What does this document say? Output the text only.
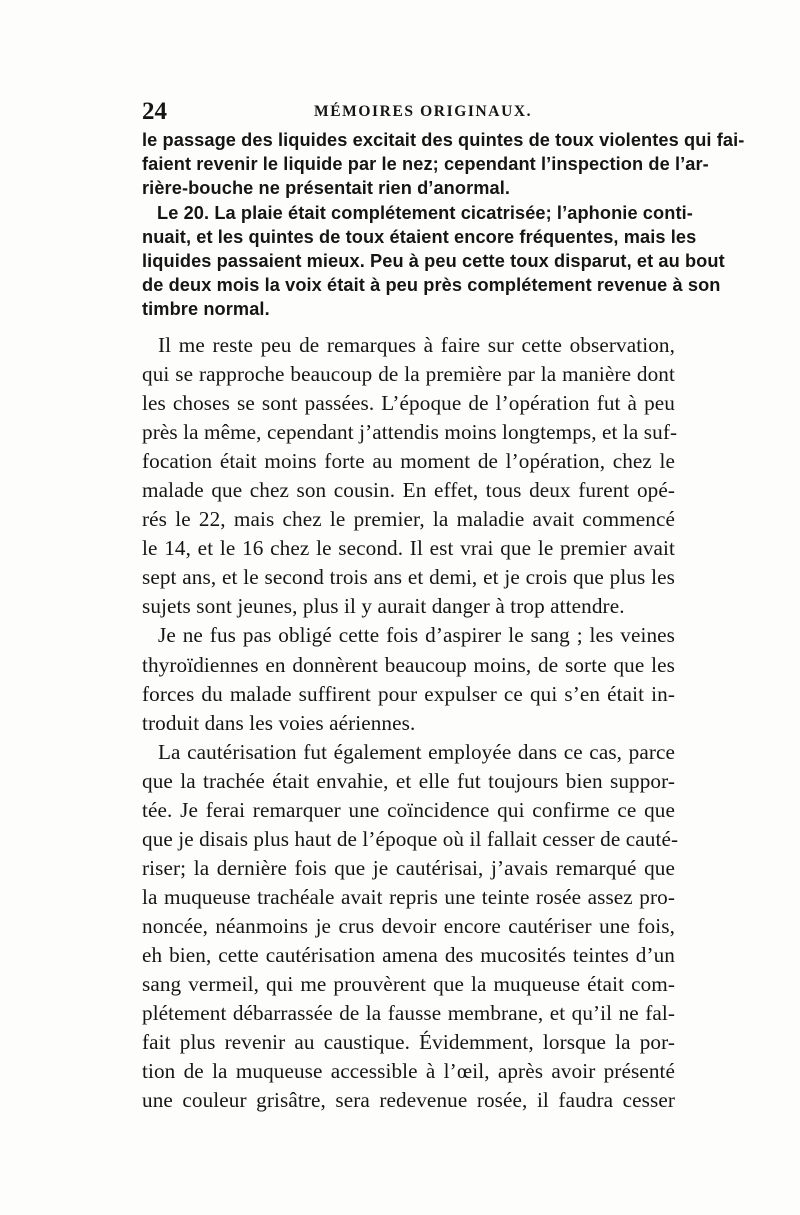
24	MÉMOIRES ORIGINAUX.
le passage des liquides excitait des quintes de toux violentes qui fai-
faient revenir le liquide par le nez; cependant l’inspection de l’ar-
rière-bouche ne présentait rien d’anormal.
Le 20. La plaie était complétement cicatrisée; l’aphonie conti-
nuait, et les quintes de toux étaient encore fréquentes, mais les
liquides passaient mieux. Peu à peu cette toux disparut, et au bout
de deux mois la voix était à peu près complétement revenue à son
timbre normal.
Il me reste peu de remarques à faire sur cette observation,
qui se rapproche beaucoup de la première par la manière dont
les choses se sont passées. L’époque de l’opération fut à peu
près la même, cependant j’attendis moins longtemps, et la suf-
focation était moins forte au moment de l’opération, chez le
malade que chez son cousin. En effet, tous deux furent opé-
rés le 22, mais chez le premier, la maladie avait commencé
le 14, et le 16 chez le second. Il est vrai que le premier avait
sept ans, et le second trois ans et demi, et je crois que plus les
sujets sont jeunes, plus il y aurait danger à trop attendre.
Je ne fus pas obligé cette fois d’aspirer le sang ; les veines
thyroïdiennes en donnèrent beaucoup moins, de sorte que les
forces du malade suffirent pour expulser ce qui s’en était in-
troduit dans les voies aériennes.
La cautérisation fut également employée dans ce cas, parce
que la trachée était envahie, et elle fut toujours bien suppor-
tée. Je ferai remarquer une coïncidence qui confirme ce que
que je disais plus haut de l’époque où il fallait cesser de cauté-
riser; la dernière fois que je cautérisai, j’avais remarqué que
la muqueuse trachéale avait repris une teinte rosée assez pro-
noncée, néanmoins je crus devoir encore cautériser une fois,
eh bien, cette cautérisation amena des mucosités teintes d’un
sang vermeil, qui me prouvèrent que la muqueuse était com-
plétement débarrassée de la fausse membrane, et qu’il ne fal-
fait plus revenir au caustique. Évidemment, lorsque la por-
tion de la muqueuse accessible à l’œil, après avoir présenté
une couleur grisâtre, sera redevenue rosée, il faudra cesser
